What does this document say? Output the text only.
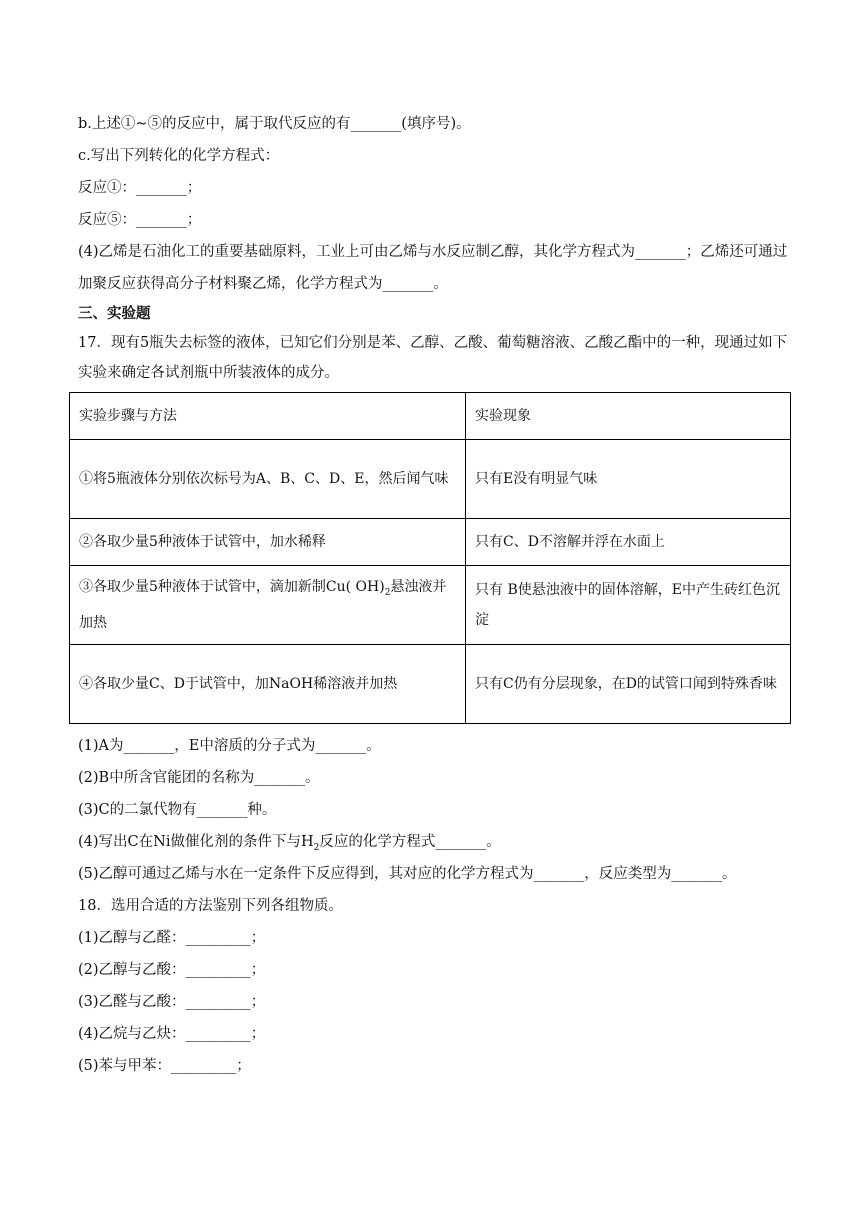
b.上述①~⑤的反应中，属于取代反应的有_______(填序号)。
c.写出下列转化的化学方程式：
反应①：_______；
反应⑤：_______；
(4)乙烯是石油化工的重要基础原料，工业上可由乙烯与水反应制乙醇，其化学方程式为_______；乙烯还可通过加聚反应获得高分子材料聚乙烯，化学方程式为_______。
三、实验题
17．现有5瓶失去标签的液体，已知它们分别是苯、乙醇、乙酸、葡萄糖溶液、乙酸乙酯中的一种，现通过如下实验来确定各试剂瓶中所装液体的成分。
实验步骤与方法	实验现象
①将5瓶液体分别依次标号为A、B、C、D、E，然后闻气味	只有E没有明显气味
②各取少量5种液体于试管中，加水稀释	只有C、D不溶解并浮在水面上
③各取少量5种液体于试管中，滴加新制Cu( $OH)_2$悬浊液并加热	只有 B使悬浊液中的固体溶解，E中产生砖红色沉淀
④各取少量C、D于试管中，加NaOH稀溶液并加热	只有C仍有分层现象，在D的试管口闻到特殊香味
(1)A为_______，E中溶质的分子式为_______。
(2)B中所含官能团的名称为_______。
(3)C的二氯代物有_______种。
(4)写出C在Ni做催化剂的条件下与$H_2$反应的化学方程式_______。
(5)乙醇可通过乙烯与水在一定条件下反应得到，其对应的化学方程式为_______，反应类型为_______。
18．选用合适的方法鉴别下列各组物质。
(1)乙醇与乙醛：_________；
(2)乙醇与乙酸：_________；
(3)乙醛与乙酸：_________；
(4)乙烷与乙炔：_________；
(5)苯与甲苯：_________；
